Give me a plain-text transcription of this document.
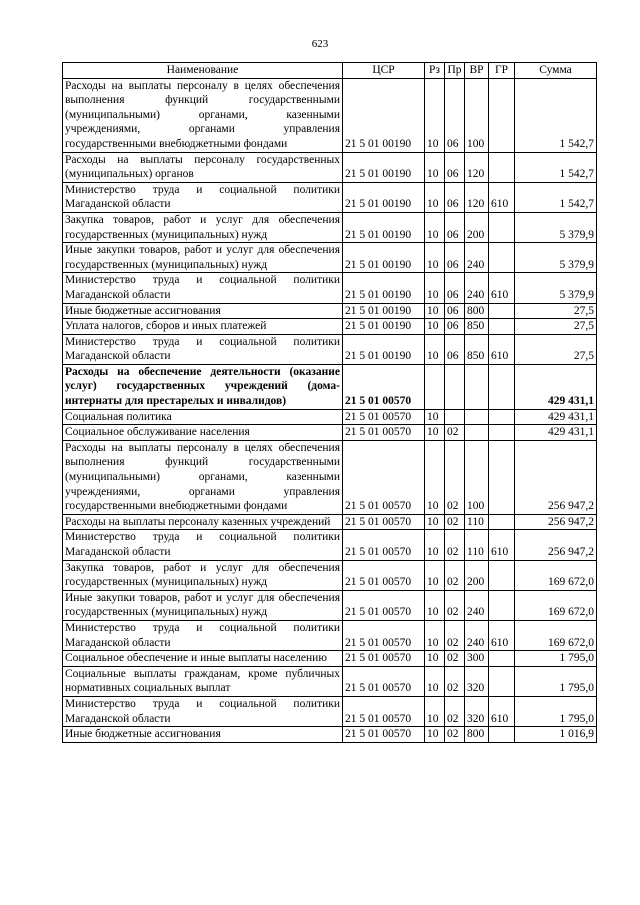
623
Наименование	ЦСР	Рз	Пр	ВР	ГР	Сумма
Расходы на выплаты персоналу в целях обеспечения выполнения функций государственными (муниципальными) органами, казенными учреждениями, органами управления государственными внебюджетными фондами	21 5 01 00190	10	06	100		1 542,7
Расходы на выплаты персоналу государственных (муниципальных) органов	21 5 01 00190	10	06	120		1 542,7
Министерство труда и социальной политики Магаданской области	21 5 01 00190	10	06	120	610	1 542,7
Закупка товаров, работ и услуг для обеспечения государственных (муниципальных) нужд	21 5 01 00190	10	06	200		5 379,9
Иные закупки товаров, работ и услуг для обеспечения государственных (муниципальных) нужд	21 5 01 00190	10	06	240		5 379,9
Министерство труда и социальной политики Магаданской области	21 5 01 00190	10	06	240	610	5 379,9
Иные бюджетные ассигнования	21 5 01 00190	10	06	800		27,5
Уплата налогов, сборов и иных платежей	21 5 01 00190	10	06	850		27,5
Министерство труда и социальной политики Магаданской области	21 5 01 00190	10	06	850	610	27,5
Расходы на обеспечение деятельности (оказание услуг) государственных учреждений (дома-интернаты для престарелых и инвалидов)	21 5 01 00570					429 431,1
Социальная политика	21 5 01 00570	10				429 431,1
Социальное обслуживание населения	21 5 01 00570	10	02			429 431,1
Расходы на выплаты персоналу в целях обеспечения выполнения функций государственными (муниципальными) органами, казенными учреждениями, органами управления государственными внебюджетными фондами	21 5 01 00570	10	02	100		256 947,2
Расходы на выплаты персоналу казенных учреждений	21 5 01 00570	10	02	110		256 947,2
Министерство труда и социальной политики Магаданской области	21 5 01 00570	10	02	110	610	256 947,2
Закупка товаров, работ и услуг для обеспечения государственных (муниципальных) нужд	21 5 01 00570	10	02	200		169 672,0
Иные закупки товаров, работ и услуг для обеспечения государственных (муниципальных) нужд	21 5 01 00570	10	02	240		169 672,0
Министерство труда и социальной политики Магаданской области	21 5 01 00570	10	02	240	610	169 672,0
Социальное обеспечение и иные выплаты населению	21 5 01 00570	10	02	300		1 795,0
Социальные выплаты гражданам, кроме публичных нормативных социальных выплат	21 5 01 00570	10	02	320		1 795,0
Министерство труда и социальной политики Магаданской области	21 5 01 00570	10	02	320	610	1 795,0
Иные бюджетные ассигнования	21 5 01 00570	10	02	800		1 016,9
